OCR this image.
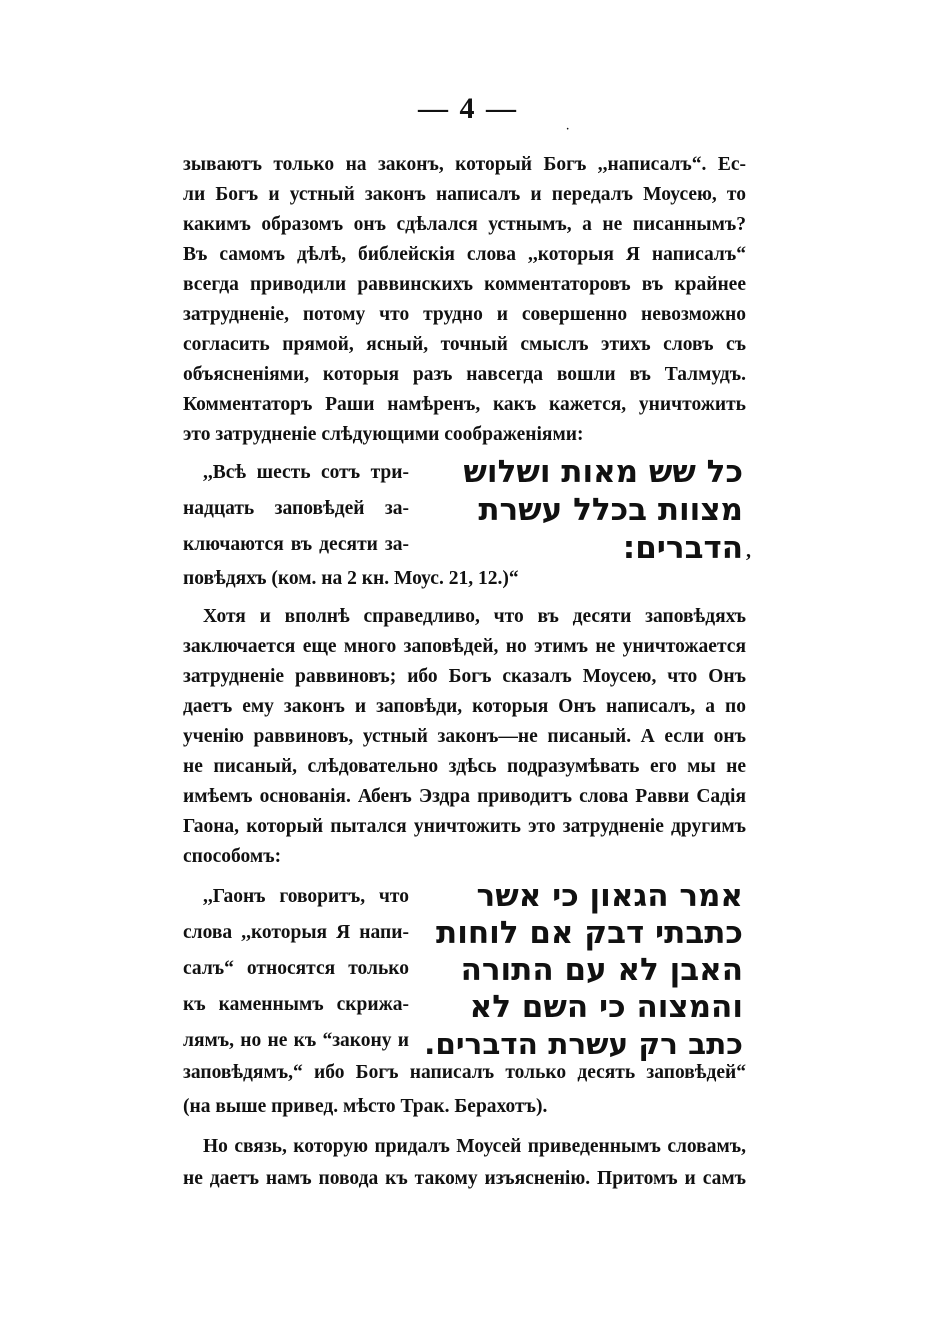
— 4 —
·
зываютъ только на законъ, который Богъ ,,написалъ“. Ес-
ли Богъ и устный законъ написалъ и передалъ Моусею, то
какимъ образомъ онъ сдѣлался устнымъ, а не писаннымъ?
Въ самомъ дѣлѣ, библейскія слова ,,которыя Я написалъ“
всегда приводили раввинскихъ комментаторовъ въ крайнее
затрудненіе, потому что трудно и совершенно невозможно
согласить прямой, ясный, точный смыслъ этихъ словъ съ
объясненіями, которыя разъ навсегда вошли въ Талмудъ.
Комментаторъ Раши намѣренъ, какъ кажется, уничтожить
это затрудненіе слѣдующими соображеніями:
,,Всѣ шесть сотъ три-
надцать заповѣдей за-
ключаются въ десяти за-
כל שש מאות ושלוש
מצוות בכלל עשרת
הדברים: ,
повѣдяхъ (ком. на 2 кн. Моус. 21, 12.)“
Хотя и вполнѣ справедливо, что въ десяти заповѣдяхъ
заключается еще много заповѣдей, но этимъ не уничтожается
затрудненіе раввиновъ; ибо Богъ сказалъ Моусею, что Онъ
даетъ ему законъ и заповѣди, которыя Онъ написалъ, а по
ученію раввиновъ, устный законъ—не писаный. А если онъ
не писаный, слѣдовательно здѣсь подразумѣвать его мы не
имѣемъ основанія. Абенъ Эздра приводитъ слова Равви Садія
Гаона, который пытался уничтожить это затрудненіе другимъ
способомъ:
,,Гаонъ говоритъ, что
слова ,,которыя Я напи-
салъ“ относятся только
къ каменнымъ скрижа-
лямъ, но не къ “закону и
אמר הגאון כי אשר
כתבתי דבק אם לוחות
האבן לא עם התורה
והמצוה כי השם לא
כתב רק עשרת הדברים.
заповѣдямъ,“ ибо Богъ написалъ только десять заповѣдей“
(на выше привед. мѣсто Трак. Берахотъ).
Но связь, которую придалъ Моусей приведеннымъ словамъ,
не даетъ намъ повода къ такому изъясненію. Притомъ и самъ
